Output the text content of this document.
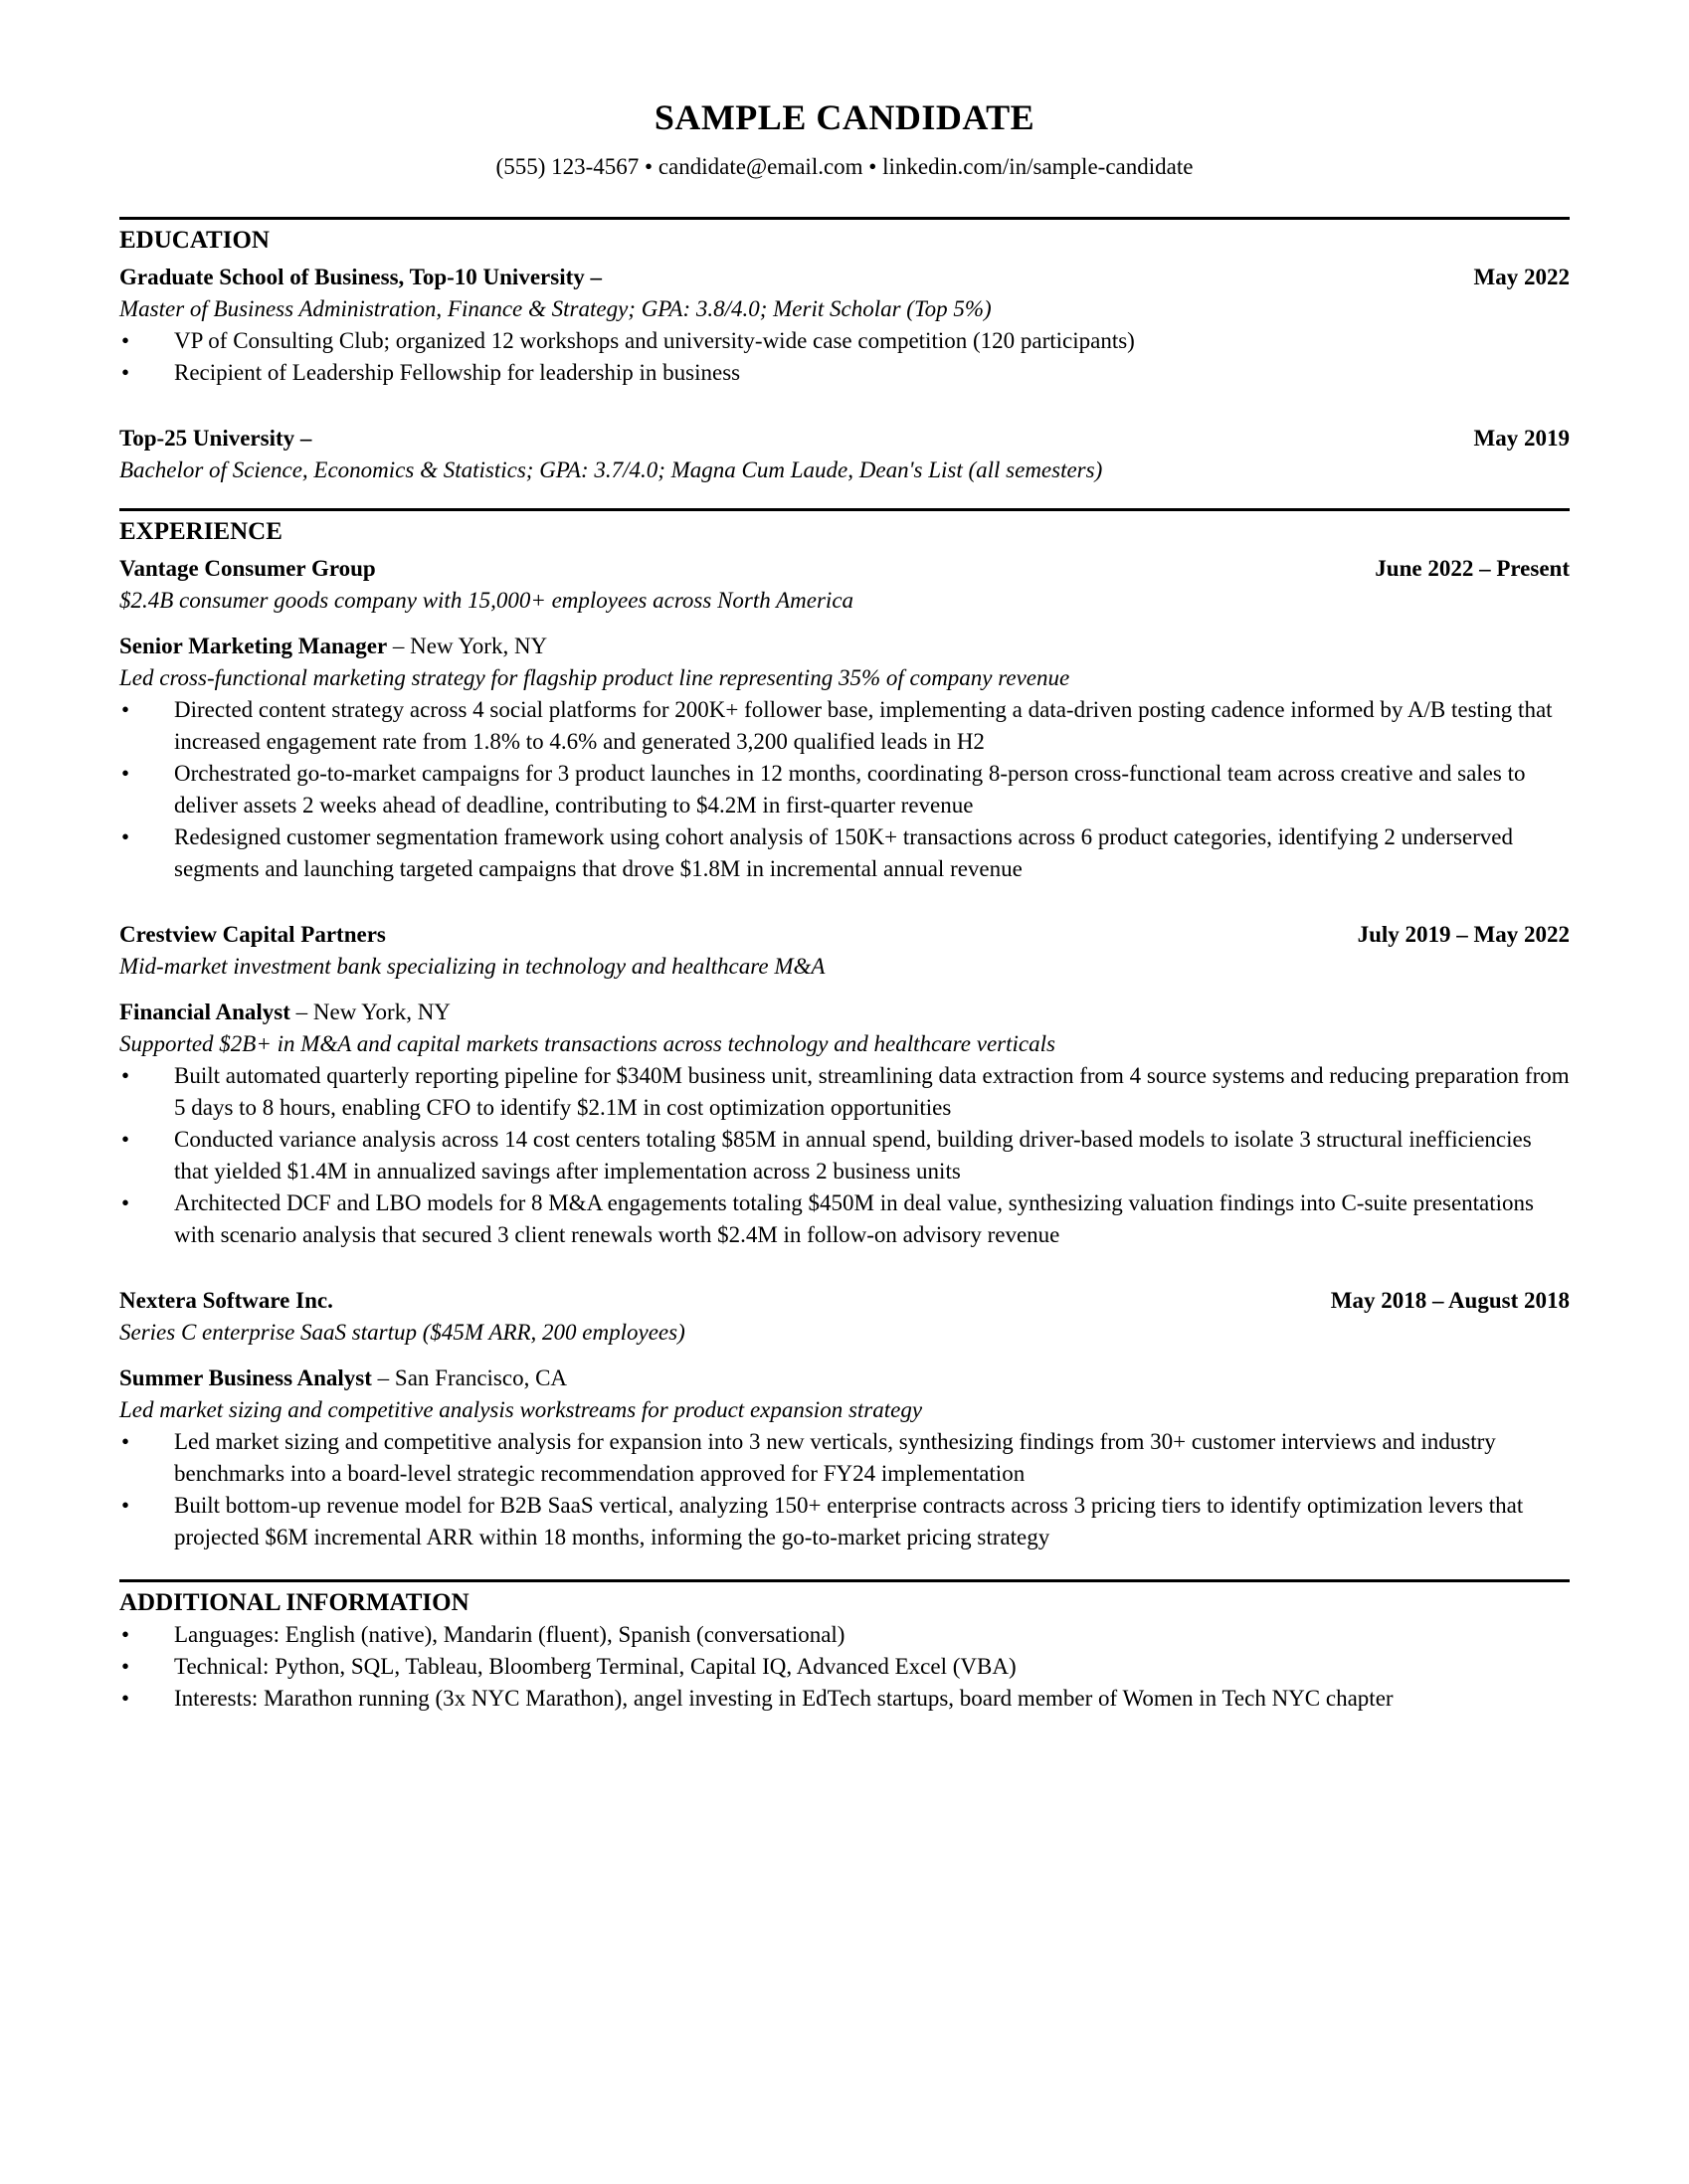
SAMPLE CANDIDATE
(555) 123-4567 • candidate@email.com • linkedin.com/in/sample-candidate
EDUCATION
Graduate School of Business, Top-10 University –	May 2022
Master of Business Administration, Finance & Strategy; GPA: 3.8/4.0; Merit Scholar (Top 5%)
• VP of Consulting Club; organized 12 workshops and university-wide case competition (120 participants)
• Recipient of Leadership Fellowship for leadership in business
Top-25 University –	May 2019
Bachelor of Science, Economics & Statistics; GPA: 3.7/4.0; Magna Cum Laude, Dean's List (all semesters)
EXPERIENCE
Vantage Consumer Group	June 2022 – Present
$2.4B consumer goods company with 15,000+ employees across North America
Senior Marketing Manager – New York, NY
Led cross-functional marketing strategy for flagship product line representing 35% of company revenue
• Directed content strategy across 4 social platforms for 200K+ follower base, implementing a data-driven posting cadence informed by A/B testing that increased engagement rate from 1.8% to 4.6% and generated 3,200 qualified leads in H2
• Orchestrated go-to-market campaigns for 3 product launches in 12 months, coordinating 8-person cross-functional team across creative and sales to deliver assets 2 weeks ahead of deadline, contributing to $4.2M in first-quarter revenue
• Redesigned customer segmentation framework using cohort analysis of 150K+ transactions across 6 product categories, identifying 2 underserved segments and launching targeted campaigns that drove $1.8M in incremental annual revenue
Crestview Capital Partners	July 2019 – May 2022
Mid-market investment bank specializing in technology and healthcare M&A
Financial Analyst – New York, NY
Supported $2B+ in M&A and capital markets transactions across technology and healthcare verticals
• Built automated quarterly reporting pipeline for $340M business unit, streamlining data extraction from 4 source systems and reducing preparation from 5 days to 8 hours, enabling CFO to identify $2.1M in cost optimization opportunities
• Conducted variance analysis across 14 cost centers totaling $85M in annual spend, building driver-based models to isolate 3 structural inefficiencies that yielded $1.4M in annualized savings after implementation across 2 business units
• Architected DCF and LBO models for 8 M&A engagements totaling $450M in deal value, synthesizing valuation findings into C-suite presentations with scenario analysis that secured 3 client renewals worth $2.4M in follow-on advisory revenue
Nextera Software Inc.	May 2018 – August 2018
Series C enterprise SaaS startup ($45M ARR, 200 employees)
Summer Business Analyst – San Francisco, CA
Led market sizing and competitive analysis workstreams for product expansion strategy
• Led market sizing and competitive analysis for expansion into 3 new verticals, synthesizing findings from 30+ customer interviews and industry benchmarks into a board-level strategic recommendation approved for FY24 implementation
• Built bottom-up revenue model for B2B SaaS vertical, analyzing 150+ enterprise contracts across 3 pricing tiers to identify optimization levers that projected $6M incremental ARR within 18 months, informing the go-to-market pricing strategy
ADDITIONAL INFORMATION
• Languages: English (native), Mandarin (fluent), Spanish (conversational)
• Technical: Python, SQL, Tableau, Bloomberg Terminal, Capital IQ, Advanced Excel (VBA)
• Interests: Marathon running (3x NYC Marathon), angel investing in EdTech startups, board member of Women in Tech NYC chapter
